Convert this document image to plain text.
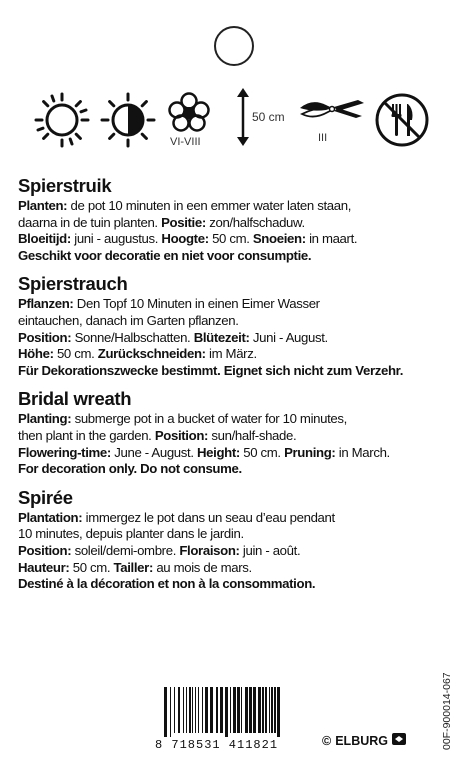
VI-VIII
50 cm
III
Spierstruik

Planten: de pot 10 minuten in een emmer water laten staan,

daarna in de tuin planten. Positie: zon/halfschaduw.

Bloeitijd: juni - augustus. Hoogte: 50 cm. Snoeien: in maart.

Geschikt voor decoratie en niet voor consumptie.

Spierstrauch

Pflanzen: Den Topf 10 Minuten in einen Eimer Wasser

eintauchen, danach im Garten pflanzen.

Position: Sonne/Halbschatten. Blütezeit: Juni - August.

Höhe: 50 cm. Zurückschneiden: im März.

Für Dekorationszwecke bestimmt. Eignet sich nicht zum Verzehr.

Bridal wreath

Planting: submerge pot in a bucket of water for 10 minutes,

then plant in the garden. Position: sun/half-shade.

Flowering-time: June - August. Height: 50 cm. Pruning: in March.

For decoration only. Do not consume.

Spirée

Plantation: immergez le pot dans un seau d’eau pendant

10 minutes, depuis planter dans le jardin.

Position: soleil/demi-ombre. Floraison: juin - août.

Hauteur: 50 cm. Tailler: au mois de mars.

Destiné à la décoration et non à la consommation.

8 718531 411821	© ELBURG	00F-900014-067
